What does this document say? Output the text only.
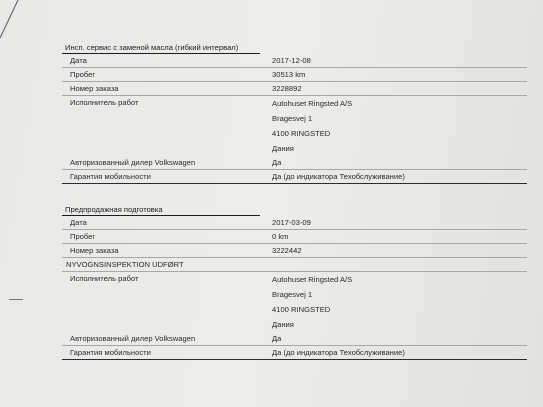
Инсп. сервис с заменой масла (гибкий интервал)
Дата	2017-12-08
Пробег	30513 km
Номер заказа	3228892
Исполнитель работ	Autohuset Ringsted A/S
Bragesvej 1
4100 RINGSTED
Дания
Авторизованный дилер Volkswagen	Да
Гарантия мобильности	Да (до индикатора Техобслуживание)
Предпродажная подготовка
Дата	2017-03-09
Пробег	0 km
Номер заказа	3222442
NYVOGNSINSPEKTION UDFØRT
Исполнитель работ	Autohuset Ringsted A/S
Bragesvej 1
4100 RINGSTED
Дания
Авторизованный дилер Volkswagen	Да
Гарантия мобильности	Да (до индикатора Техобслуживание)
